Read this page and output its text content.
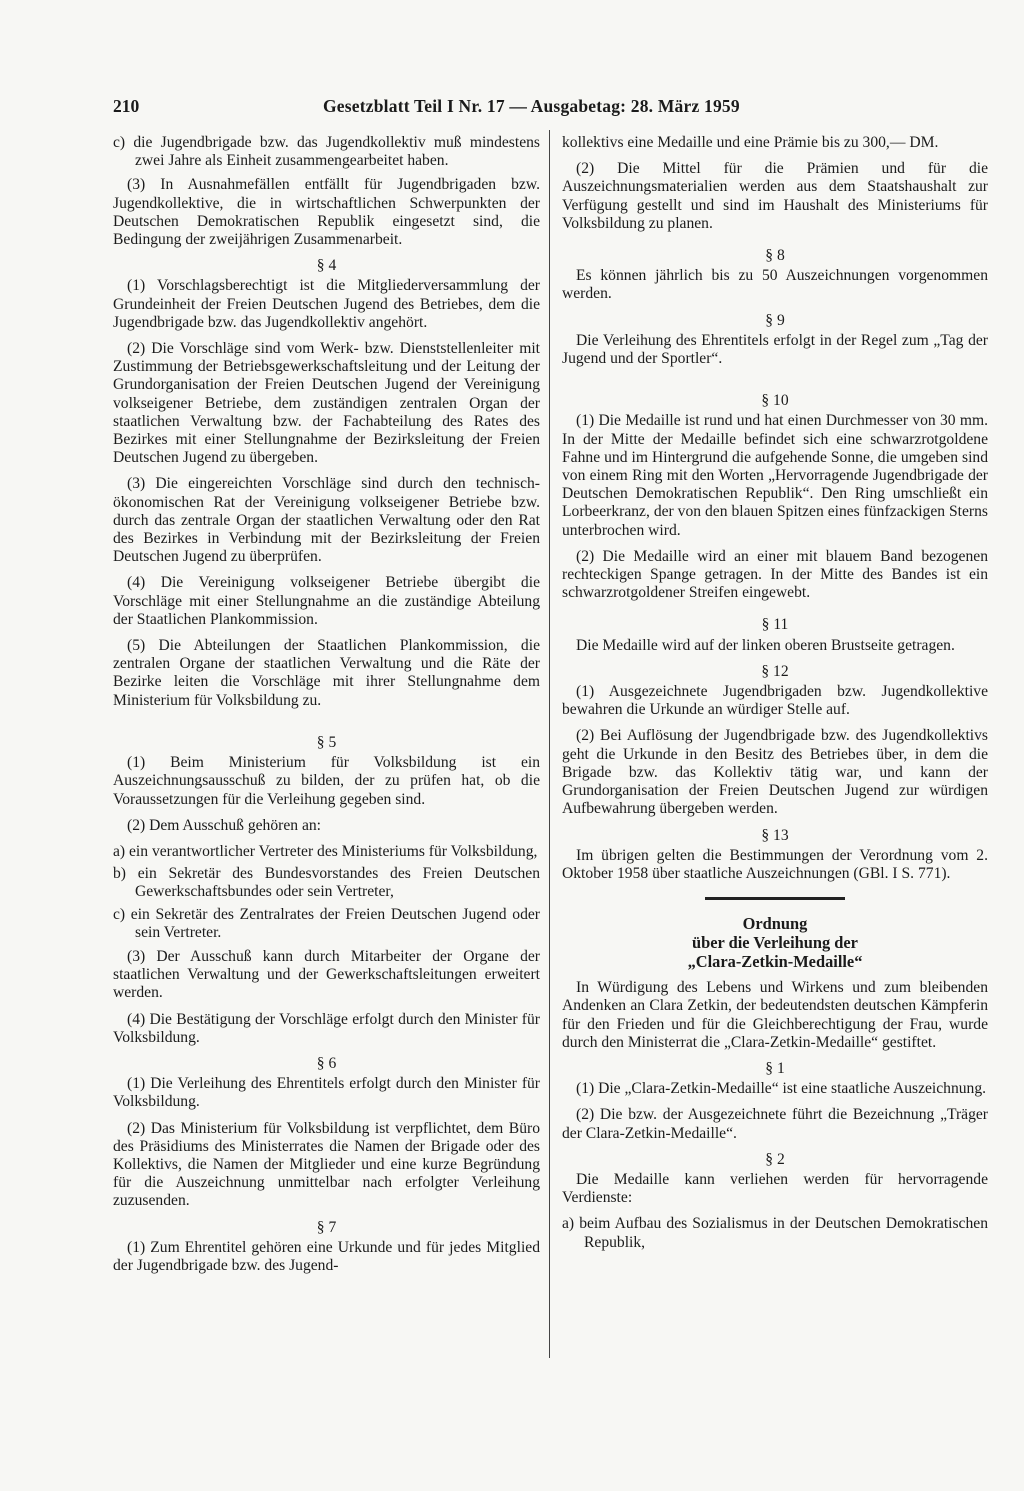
210	Gesetzblatt Teil I Nr. 17 — Ausgabetag: 28. März 1959
c) die Jugendbrigade bzw. das Jugendkollektiv muß mindestens zwei Jahre als Einheit zusammengearbeitet haben.

(3) In Ausnahmefällen entfällt für Jugendbrigaden bzw. Jugendkollektive, die in wirtschaftlichen Schwerpunkten der Deutschen Demokratischen Republik eingesetzt sind, die Bedingung der zweijährigen Zusammenarbeit.

§ 4

(1) Vorschlagsberechtigt ist die Mitgliederversammlung der Grundeinheit der Freien Deutschen Jugend des Betriebes, dem die Jugendbrigade bzw. das Jugendkollektiv angehört.

(2) Die Vorschläge sind vom Werk- bzw. Dienststellenleiter mit Zustimmung der Betriebsgewerkschaftsleitung und der Leitung der Grundorganisation der Freien Deutschen Jugend der Vereinigung volkseigener Betriebe, dem zuständigen zentralen Organ der staatlichen Verwaltung bzw. der Fachabteilung des Rates des Bezirkes mit einer Stellungnahme der Bezirksleitung der Freien Deutschen Jugend zu übergeben.

(3) Die eingereichten Vorschläge sind durch den technisch-ökonomischen Rat der Vereinigung volkseigener Betriebe bzw. durch das zentrale Organ der staatlichen Verwaltung oder den Rat des Bezirkes in Verbindung mit der Bezirksleitung der Freien Deutschen Jugend zu überprüfen.

(4) Die Vereinigung volkseigener Betriebe übergibt die Vorschläge mit einer Stellungnahme an die zuständige Abteilung der Staatlichen Plankommission.

(5) Die Abteilungen der Staatlichen Plankommission, die zentralen Organe der staatlichen Verwaltung und die Räte der Bezirke leiten die Vorschläge mit ihrer Stellungnahme dem Ministerium für Volksbildung zu.

§ 5

(1) Beim Ministerium für Volksbildung ist ein Auszeichnungsausschuß zu bilden, der zu prüfen hat, ob die Voraussetzungen für die Verleihung gegeben sind.

(2) Dem Ausschuß gehören an:

a) ein verantwortlicher Vertreter des Ministeriums für Volksbildung,
b) ein Sekretär des Bundesvorstandes des Freien Deutschen Gewerkschaftsbundes oder sein Vertreter,
c) ein Sekretär des Zentralrates der Freien Deutschen Jugend oder sein Vertreter.

(3) Der Ausschuß kann durch Mitarbeiter der Organe der staatlichen Verwaltung und der Gewerkschaftsleitungen erweitert werden.

(4) Die Bestätigung der Vorschläge erfolgt durch den Minister für Volksbildung.

§ 6

(1) Die Verleihung des Ehrentitels erfolgt durch den Minister für Volksbildung.

(2) Das Ministerium für Volksbildung ist verpflichtet, dem Büro des Präsidiums des Ministerrates die Namen der Brigade oder des Kollektivs, die Namen der Mitglieder und eine kurze Begründung für die Auszeichnung unmittelbar nach erfolgter Verleihung zuzusenden.

§ 7

(1) Zum Ehrentitel gehören eine Urkunde und für jedes Mitglied der Jugendbrigade bzw. des Jugend-

kollektivs eine Medaille und eine Prämie bis zu 300,— DM.

(2) Die Mittel für die Prämien und für die Auszeichnungsmaterialien werden aus dem Staatshaushalt zur Verfügung gestellt und sind im Haushalt des Ministeriums für Volksbildung zu planen.

§ 8

Es können jährlich bis zu 50 Auszeichnungen vorgenommen werden.

§ 9

Die Verleihung des Ehrentitels erfolgt in der Regel zum „Tag der Jugend und der Sportler“.

§ 10

(1) Die Medaille ist rund und hat einen Durchmesser von 30 mm. In der Mitte der Medaille befindet sich eine schwarzrotgoldene Fahne und im Hintergrund die aufgehende Sonne, die umgeben sind von einem Ring mit den Worten „Hervorragende Jugendbrigade der Deutschen Demokratischen Republik“. Den Ring umschließt ein Lorbeerkranz, der von den blauen Spitzen eines fünfzackigen Sterns unterbrochen wird.

(2) Die Medaille wird an einer mit blauem Band bezogenen rechteckigen Spange getragen. In der Mitte des Bandes ist ein schwarzrotgoldener Streifen eingewebt.

§ 11

Die Medaille wird auf der linken oberen Brustseite getragen.

§ 12

(1) Ausgezeichnete Jugendbrigaden bzw. Jugendkollektive bewahren die Urkunde an würdiger Stelle auf.

(2) Bei Auflösung der Jugendbrigade bzw. des Jugendkollektivs geht die Urkunde in den Besitz des Betriebes über, in dem die Brigade bzw. das Kollektiv tätig war, und kann der Grundorganisation der Freien Deutschen Jugend zur würdigen Aufbewahrung übergeben werden.

§ 13

Im übrigen gelten die Bestimmungen der Verordnung vom 2. Oktober 1958 über staatliche Auszeichnungen (GBl. I S. 771).

Ordnung
über die Verleihung der
„Clara-Zetkin-Medaille“

In Würdigung des Lebens und Wirkens und zum bleibenden Andenken an Clara Zetkin, der bedeutendsten deutschen Kämpferin für den Frieden und für die Gleichberechtigung der Frau, wurde durch den Ministerrat die „Clara-Zetkin-Medaille“ gestiftet.

§ 1

(1) Die „Clara-Zetkin-Medaille“ ist eine staatliche Auszeichnung.

(2) Die bzw. der Ausgezeichnete führt die Bezeichnung „Träger der Clara-Zetkin-Medaille“.

§ 2

Die Medaille kann verliehen werden für hervorragende Verdienste:

a) beim Aufbau des Sozialismus in der Deutschen Demokratischen Republik,
